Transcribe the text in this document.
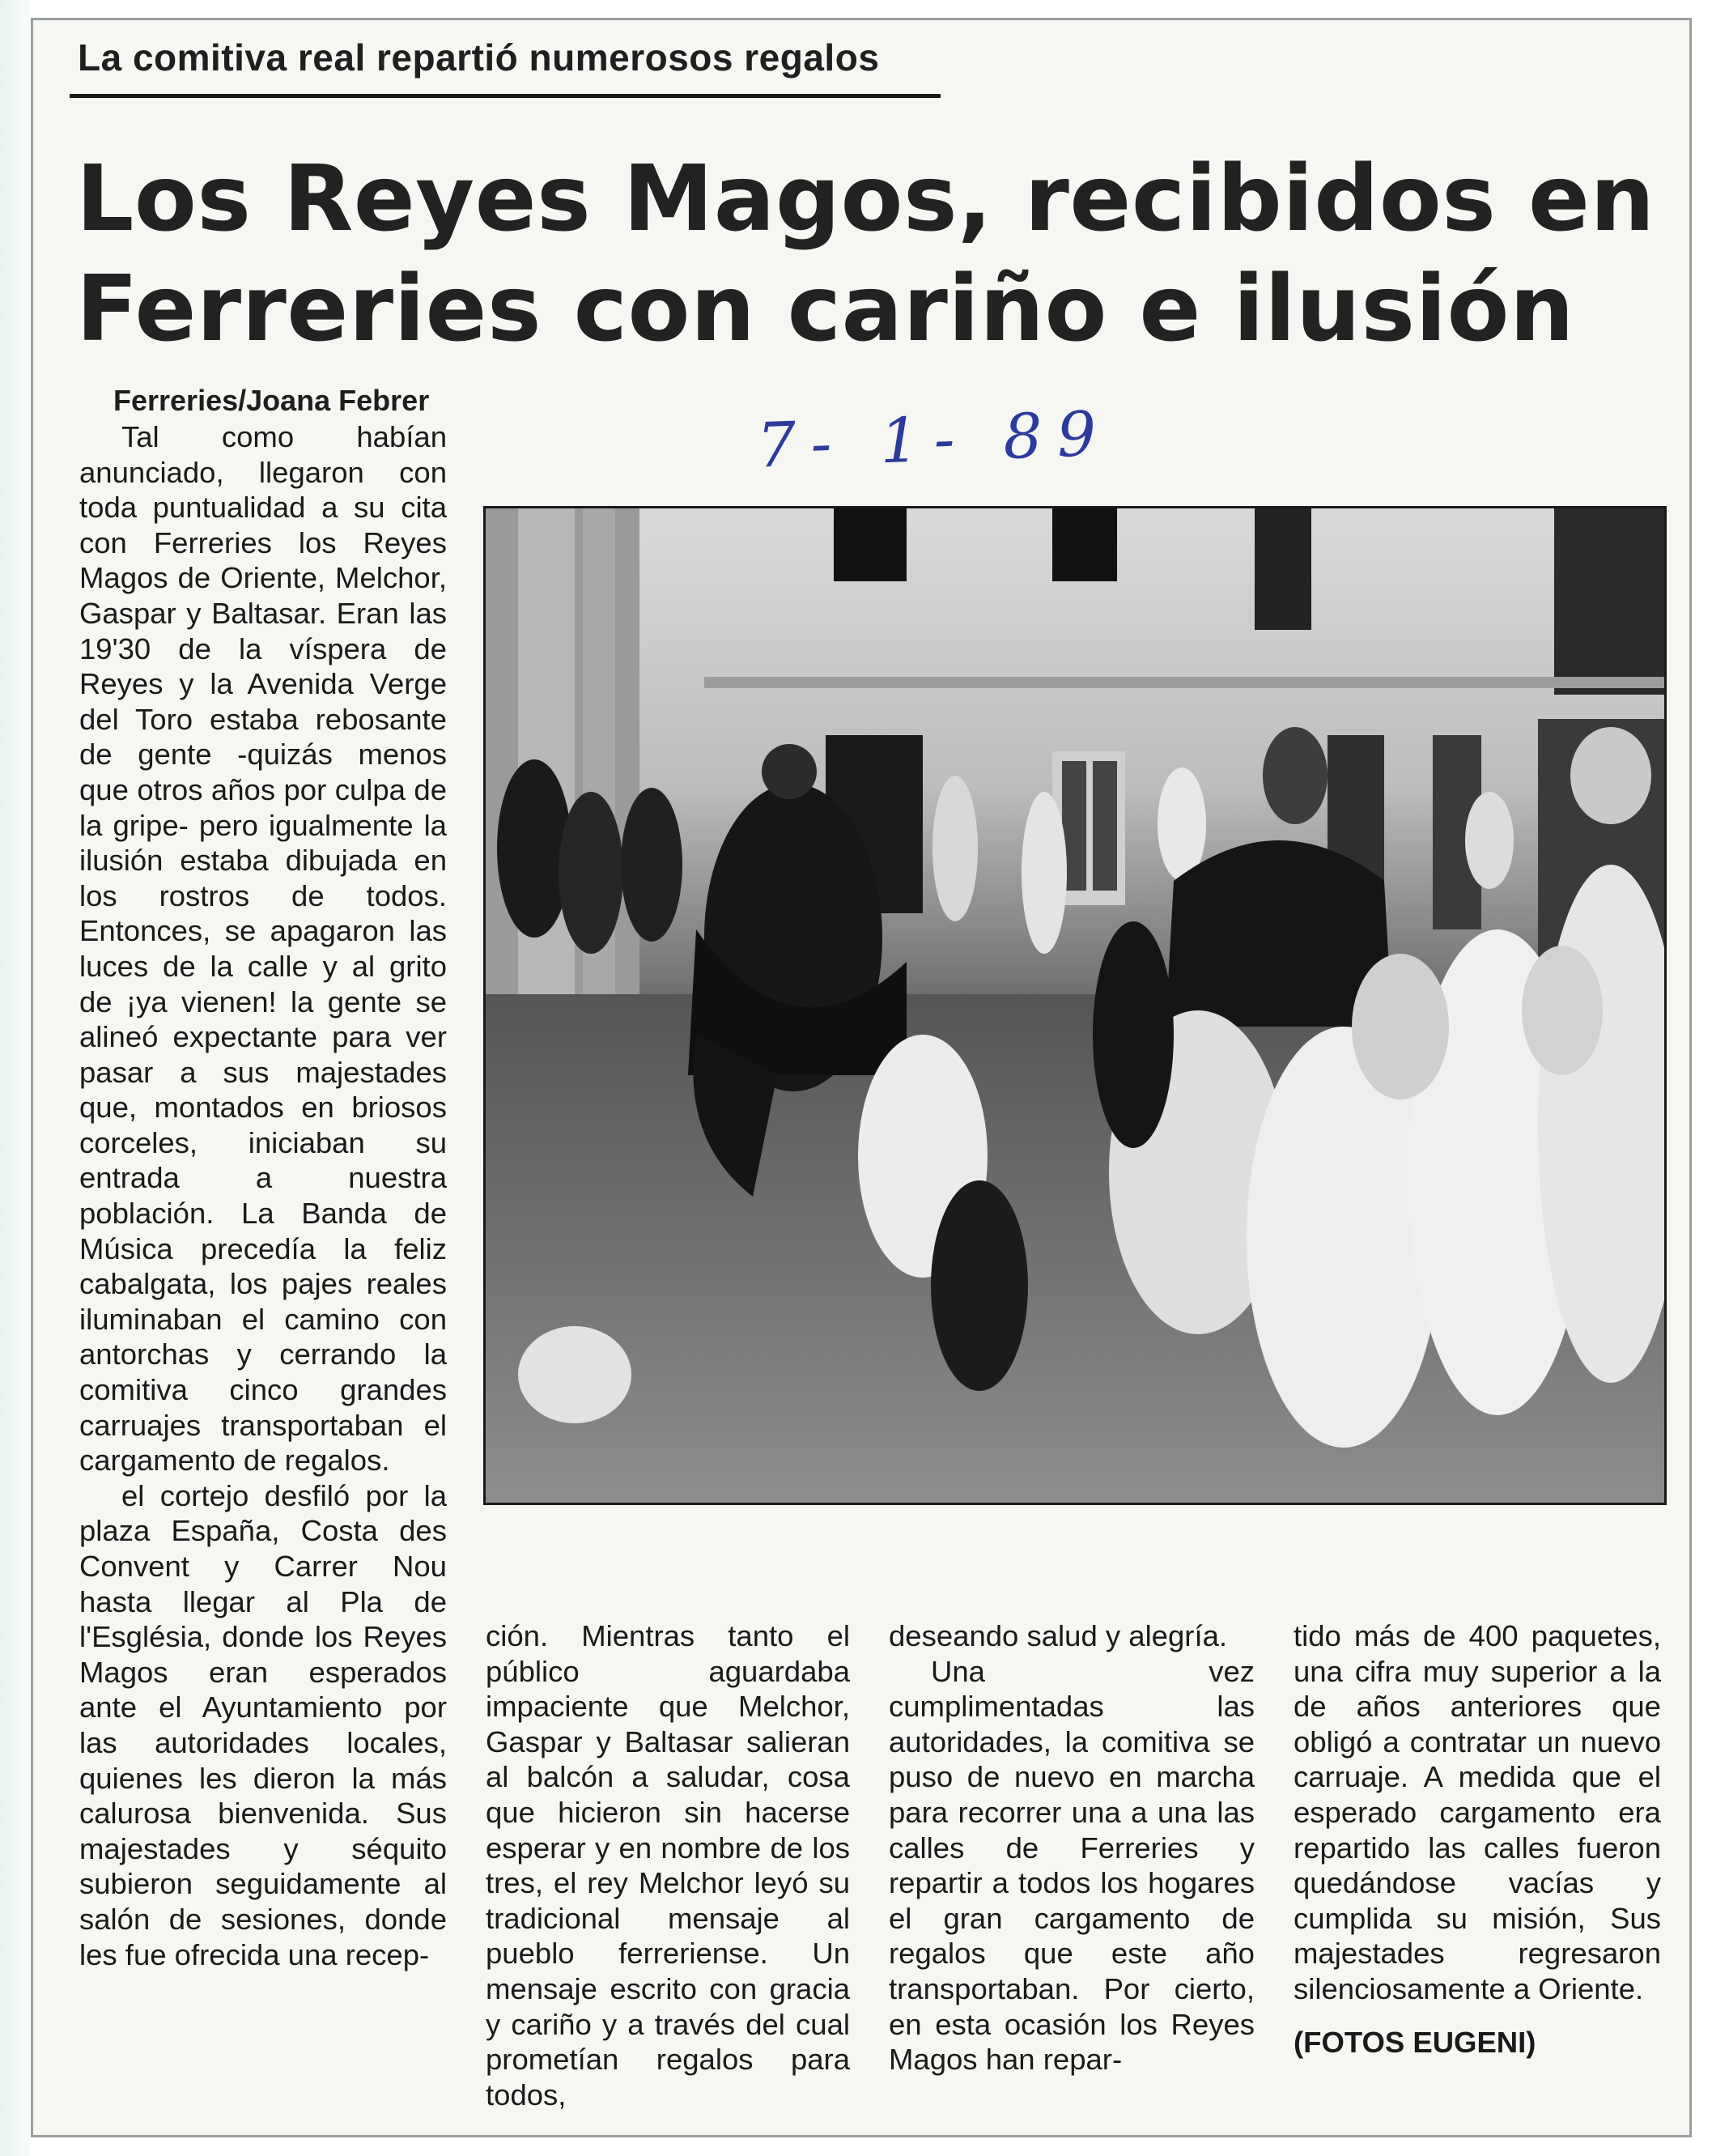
La comitiva real repartió numerosos regalos
Los Reyes Magos, recibidos en
Ferreries con cariño e ilusión
Ferreries/Joana Febrer	7- 1- 89

Tal como habían anunciado, llegaron con toda puntualidad a su cita con Ferreries los Reyes Magos de Oriente, Melchor, Gaspar y Baltasar. Eran las 19'30 de la víspera de Reyes y la Avenida Verge del Toro estaba rebosante de gente -quizás menos que otros años por culpa de la gripe- pero igualmente la ilusión estaba dibujada en los rostros de todos. Entonces, se apagaron las luces de la calle y al grito de ¡ya vienen! la gente se alineó expectante para ver pasar a sus majestades que, montados en briosos corceles, iniciaban su entrada a nuestra población. La Banda de Música precedía la feliz cabalgata, los pajes reales iluminaban el camino con antorchas y cerrando la comitiva cinco grandes carruajes transportaban el cargamento de regalos.

el cortejo desfiló por la plaza España, Costa des Convent y Carrer Nou hasta llegar al Pla de l'Església, donde los Reyes Magos eran esperados ante el Ayuntamiento por las autoridades locales, quienes les dieron la más calurosa bienvenida. Sus majestades y séquito subieron seguidamente al salón de sesiones, donde les fue ofrecida una recep-

ción. Mientras tanto el público aguardaba impaciente que Melchor, Gaspar y Baltasar salieran al balcón a saludar, cosa que hicieron sin hacerse esperar y en nombre de los tres, el rey Melchor leyó su tradicional mensaje al pueblo ferreriense. Un mensaje escrito con gracia y cariño y a través del cual prometían regalos para todos,

deseando salud y alegría.

Una vez cumplimentadas las autoridades, la comitiva se puso de nuevo en marcha para recorrer una a una las calles de Ferreries y repartir a todos los hogares el gran cargamento de regalos que este año transportaban. Por cierto, en esta ocasión los Reyes Magos han repar-

tido más de 400 paquetes, una cifra muy superior a la de años anteriores que obligó a contratar un nuevo carruaje. A medida que el esperado cargamento era repartido las calles fueron quedándose vacías y cumplida su misión, Sus majestades regresaron silenciosamente a Oriente.

(FOTOS EUGENI)
